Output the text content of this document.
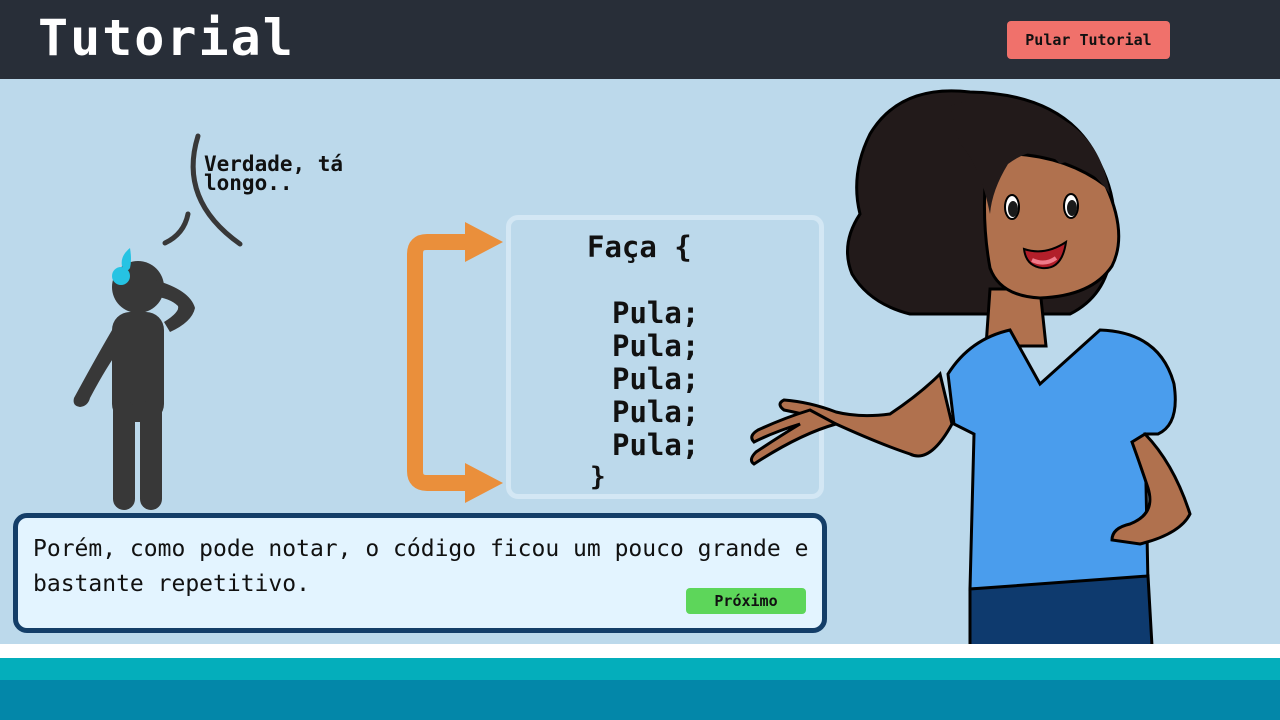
Tutorial	Pular Tutorial
Verdade, tá longo..
Faça {
Pula;
Pula;
Pula;
Pula;
Pula;
}
Porém, como pode notar, o código ficou um pouco grande e bastante repetitivo.
Próximo
